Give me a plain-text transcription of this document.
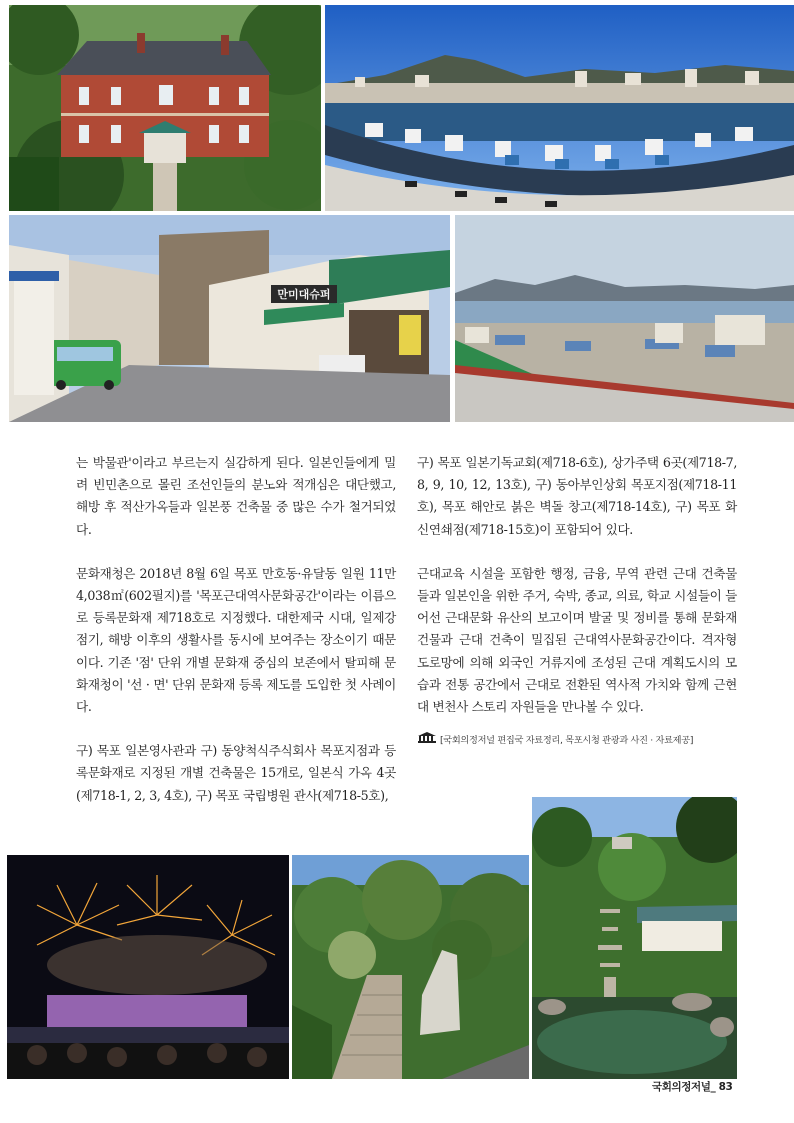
만미대슈퍼

는 박물관'이라고 부르는지 실감하게 된다. 일본인들에게 밀려 빈민촌으로 몰린 조선인들의 분노와 적개심은 대단했고, 해방 후 적산가옥들과 일본풍 건축물 중 많은 수가 철거되었다.

문화재청은 2018년 8월 6일 목포 만호동·유달동 일원 11만 4,038㎡(602필지)를 '목포근대역사문화공간'이라는 이름으로 등록문화재 제718호로 지정했다. 대한제국 시대, 일제강점기, 해방 이후의 생활사를 동시에 보여주는 장소이기 때문이다. 기존 '점' 단위 개별 문화재 중심의 보존에서 탈피해 문화재청이 '선 · 면' 단위 문화재 등록 제도를 도입한 첫 사례이다.

구) 목포 일본영사관과 구) 동양척식주식회사 목포지점과 등록문화재로 지정된 개별 건축물은 15개로, 일본식 가옥 4곳(제718-1, 2, 3, 4호), 구) 목포 국립병원 관사(제718-5호),

구) 목포 일본기독교회(제718-6호), 상가주택 6곳(제718-7, 8, 9, 10, 12, 13호), 구) 동아부인상회 목포지점(제718-11호), 목포 해안로 붉은 벽돌 창고(제718-14호), 구) 목포 화신연쇄점(제718-15호)이 포함되어 있다.

근대교육 시설을 포함한 행정, 금융, 무역 관련 근대 건축물들과 일본인을 위한 주거, 숙박, 종교, 의료, 학교 시설들이 들어선 근대문화 유산의 보고이며 발굴 및 정비를 통해 문화재 건물과 근대 건축이 밀집된 근대역사문화공간이다. 격자형 도로망에 의해 외국인 거류지에 조성된 근대 계획도시의 모습과 전통 공간에서 근대로 전환된 역사적 가치와 함께 근현대 변천사 스토리 자원들을 만나볼 수 있다.

[국회의정저널 편집국 자료정리, 목포시청 관광과 사진 · 자료제공]
국회의정저널_ 83
